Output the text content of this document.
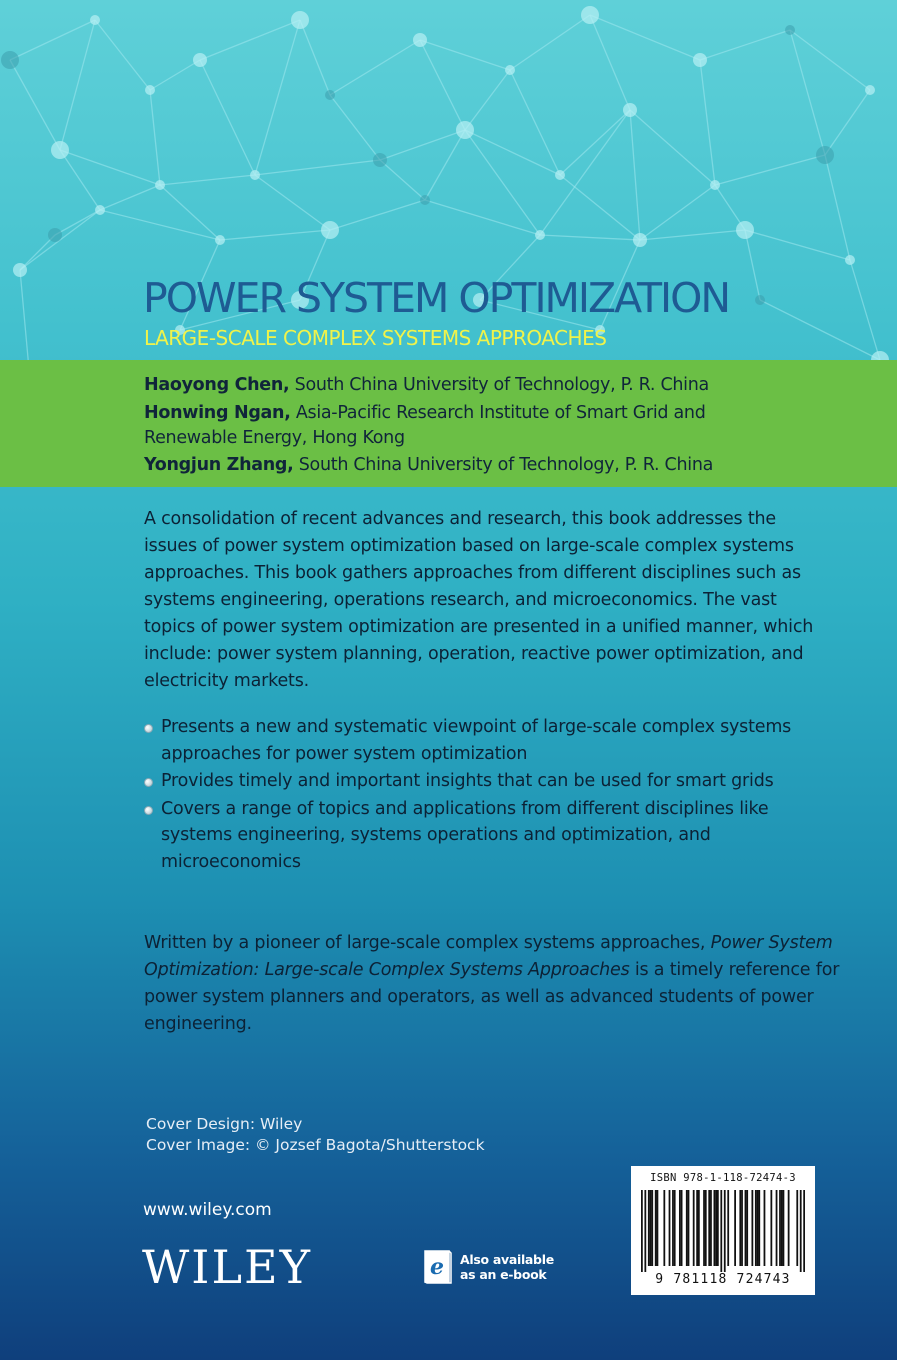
POWER SYSTEM OPTIMIZATION
LARGE-SCALE COMPLEX SYSTEMS APPROACHES
Haoyong Chen, South China University of Technology, P. R. China
Honwing Ngan, Asia-Pacific Research Institute of Smart Grid and Renewable Energy, Hong Kong
Yongjun Zhang, South China University of Technology, P. R. China

A consolidation of recent advances and research, this book addresses the issues of power system optimization based on large-scale complex systems approaches. This book gathers approaches from different disciplines such as systems engineering, operations research, and microeconomics. The vast topics of power system optimization are presented in a unified manner, which include: power system planning, operation, reactive power optimization, and electricity markets.

Presents a new and systematic viewpoint of large-scale complex systems approaches for power system optimization
Provides timely and important insights that can be used for smart grids
Covers a range of topics and applications from different disciplines like systems engineering, systems operations and optimization, and microeconomics

Written by a pioneer of large-scale complex systems approaches, Power System Optimization: Large-scale Complex Systems Approaches is a timely reference for power system planners and operators, as well as advanced students of power engineering.

Cover Design: Wiley
Cover Image: © Jozsef Bagota/Shutterstock
www.wiley.com
WILEY	e Also available
as an e-book
ISBN 978-1-118-72474-3
9 781118 724743
